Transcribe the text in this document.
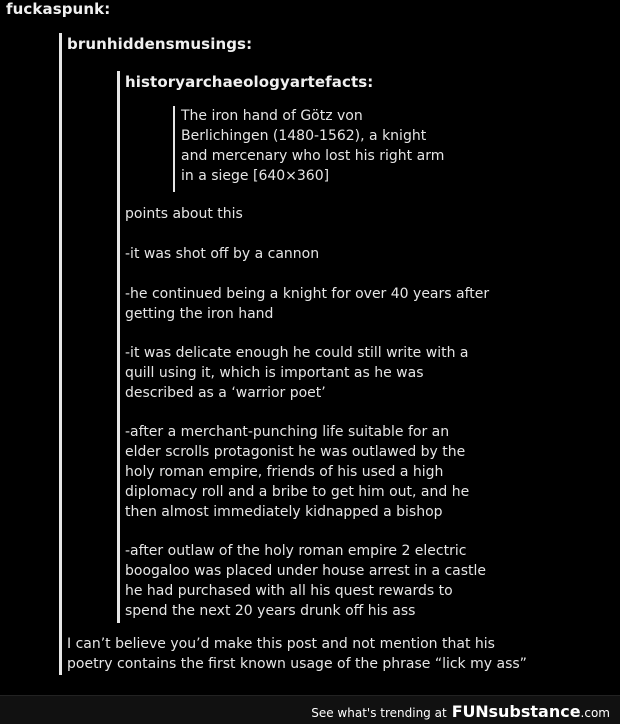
fuckaspunk:
brunhiddensmusings:
historyarchaeologyartefacts:
The iron hand of Götz von
Berlichingen (1480-1562), a knight
and mercenary who lost his right arm
in a siege [640×360]
points about this
-it was shot off by a cannon
-he continued being a knight for over 40 years after
getting the iron hand
-it was delicate enough he could still write with a
quill using it, which is important as he was
described as a ‘warrior poet’
-after a merchant-punching life suitable for an
elder scrolls protagonist he was outlawed by the
holy roman empire, friends of his used a high
diplomacy roll and a bribe to get him out, and he
then almost immediately kidnapped a bishop
-after outlaw of the holy roman empire 2 electric
boogaloo was placed under house arrest in a castle
he had purchased with all his quest rewards to
spend the next 20 years drunk off his ass
I can’t believe you’d make this post and not mention that his
poetry contains the first known usage of the phrase “lick my ass”
See what's trending at FUNsubstance.com
